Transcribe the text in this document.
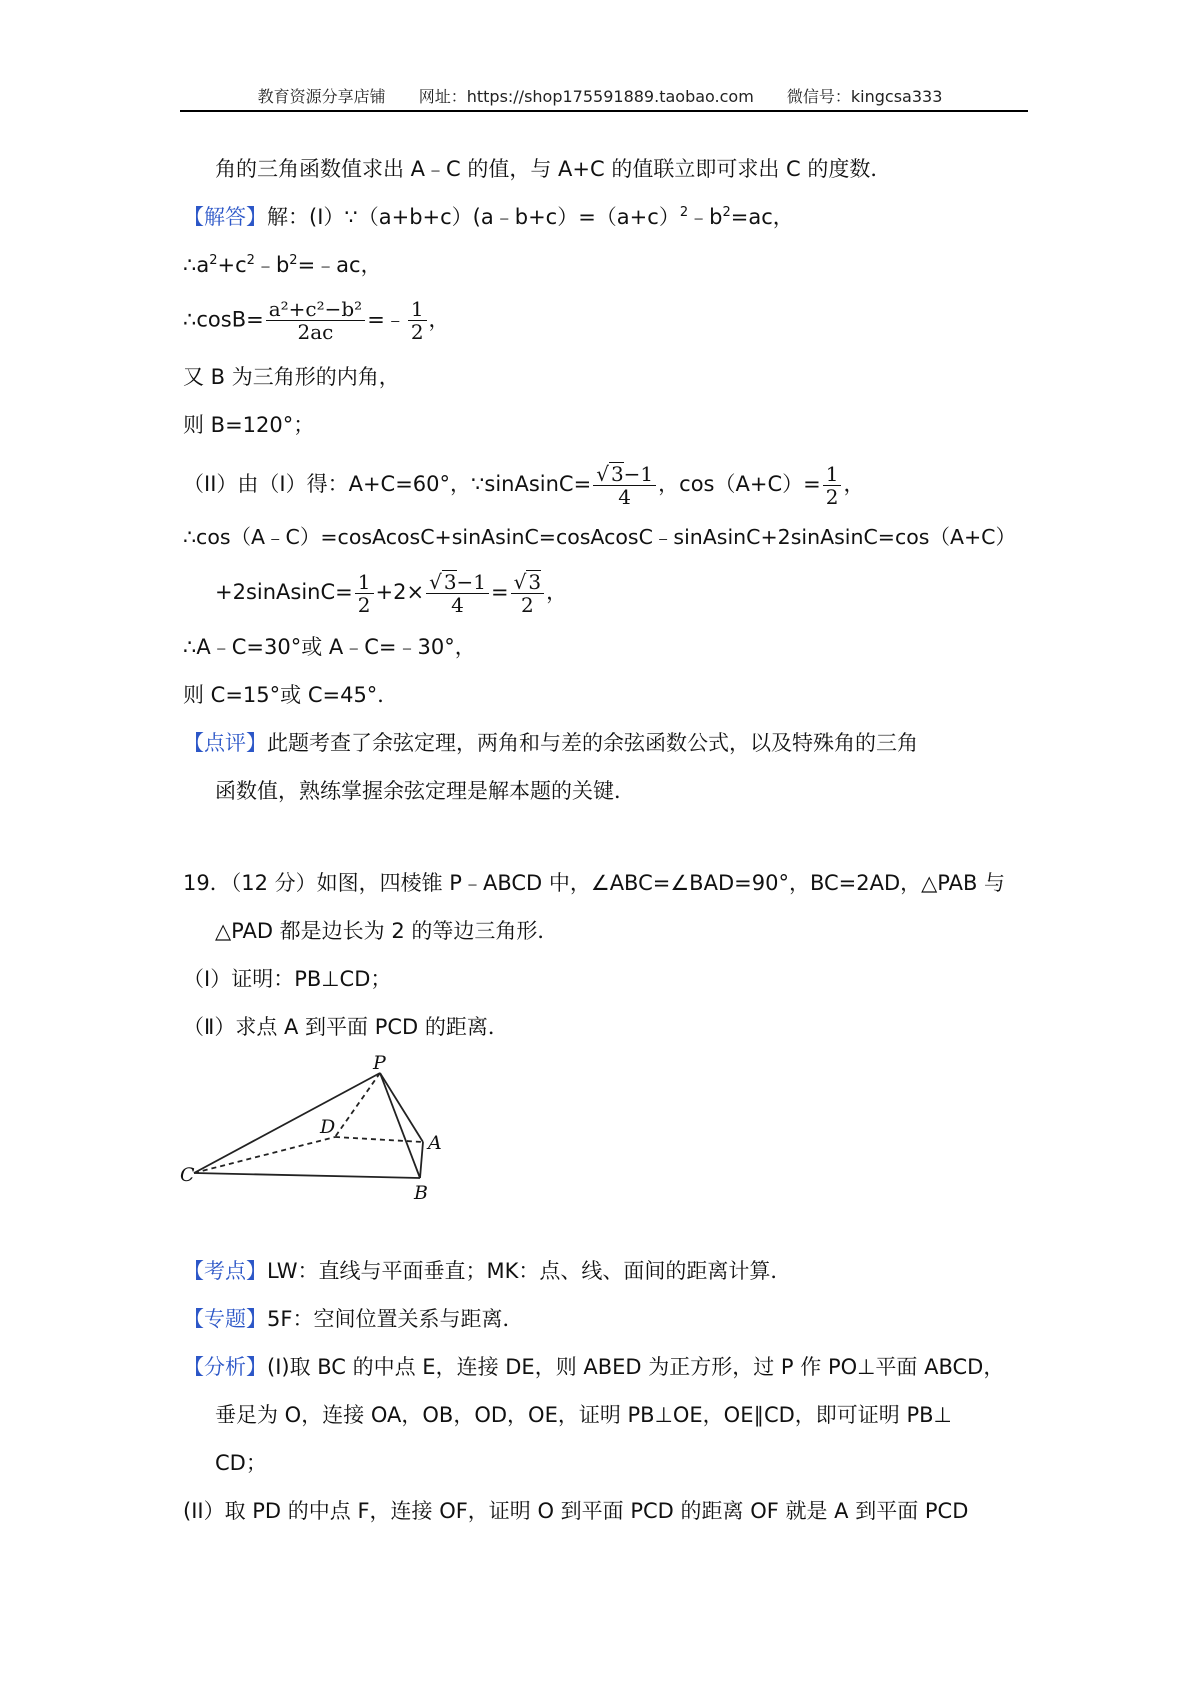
教育资源分享店铺 网址：https://shop175591889.taobao.com 微信号：kingcsa333
角的三角函数值求出 A﹣C 的值，与 A+C 的值联立即可求出 C 的度数．
【解答】解：$(I)\because(a+b+c)(a﹣b+c)=(a+c)^2﹣b^2=ac$，
$\therefore a^2+c^2﹣b^2=﹣ac$，
∴cosB= $\frac{\text{a²+c²−b²}}{2ac}$ =﹣ $\frac{1}{2}$ ，
又 B 为三角形的内角，
则 B=120°；
（II）由（I）得：A+C=60°，∵sinAsinC= $\frac{√ 3-1}{4}$ ，$\cos(A+C)= \frac{1}{2}$ ，
∴cos（A﹣C）=cosAcosC+sinAsinC=cosAcosC﹣sinAsinC+2sinAsinC=cos（A+C）
+2sinAsinC= $\frac{1}{2} +2\times \frac{√ 3-1}{4} = \frac{√ 3}{2}$ ，
∴A﹣C=30°或 A﹣C=﹣30°，
则 C=15°或 C=45°．
【点评】此题考查了余弦定理，两角和与差的余弦函数公式，以及特殊角的三角
函数值，熟练掌握余弦定理是解本题的关键．
19．（12 分）如图，四棱锥 P﹣ABCD 中，∠ABC=∠BAD=90°，BC=2AD，△PAB 与
△PAD 都是边长为 2 的等边三角形．
（Ⅰ）证明：PB⊥CD；
（Ⅱ）求点 A 到平面 PCD 的距离．
P
D
A
C
B
【考点】LW：直线与平面垂直；MK：点、线、面间的距离计算．
【专题】5F：空间位置关系与距离．
【分析】(I)取 BC 的中点 E，连接 DE，则 ABED 为正方形，过 P 作 PO⊥平面 ABCD，
垂足为 O，连接 OA，OB，OD，OE，证明 PB⊥OE，OE∥CD，即可证明 PB⊥
CD；
(II）取 PD 的中点 F，连接 OF，证明 O 到平面 PCD 的距离 OF 就是 A 到平面 PCD
